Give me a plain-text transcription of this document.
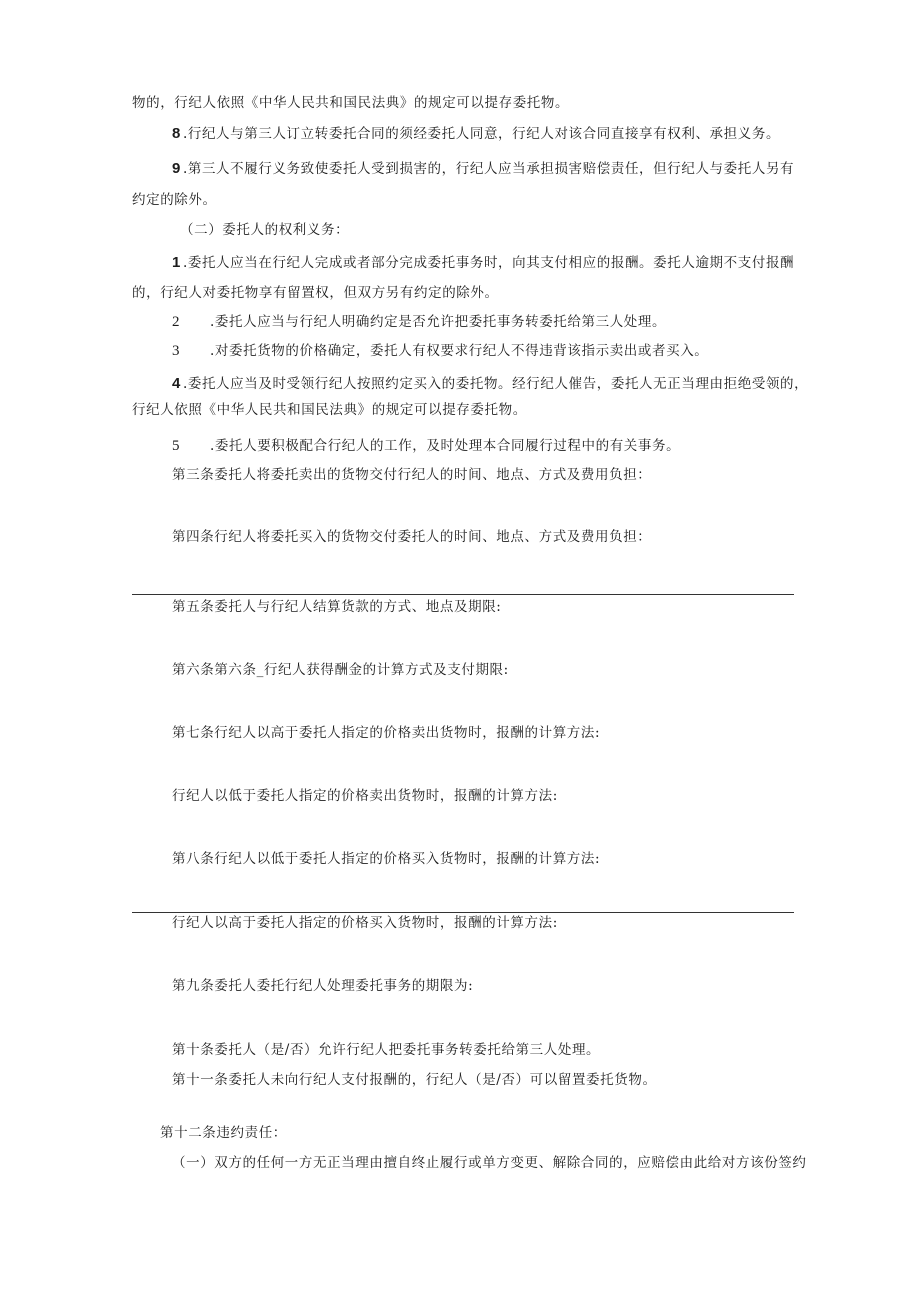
物的，行纪人依照《中华人民共和国民法典》的规定可以提存委托物。
8 .行纪人与第三人订立转委托合同的须经委托人同意，行纪人对该合同直接享有权利、承担义务。
9 .第三人不履行义务致使委托人受到损害的，行纪人应当承担损害赔偿责任，但行纪人与委托人另有
约定的除外。
（二）委托人的权利义务：
1 .委托人应当在行纪人完成或者部分完成委托事务时，向其支付相应的报酬。委托人逾期不支付报酬
的，行纪人对委托物享有留置权，但双方另有约定的除外。
2 .委托人应当与行纪人明确约定是否允许把委托事务转委托给第三人处理。
3 .对委托货物的价格确定，委托人有权要求行纪人不得违背该指示卖出或者买入。
4 .委托人应当及时受领行纪人按照约定买入的委托物。经行纪人催告，委托人无正当理由拒绝受领的，
行纪人依照《中华人民共和国民法典》的规定可以提存委托物。
5 .委托人要积极配合行纪人的工作，及时处理本合同履行过程中的有关事务。
第三条委托人将委托卖出的货物交付行纪人的时间、地点、方式及费用负担：
第四条行纪人将委托买入的货物交付委托人的时间、地点、方式及费用负担：
第五条委托人与行纪人结算货款的方式、地点及期限:
第六条第六条_行纪人获得酬金的计算方式及支付期限:
第七条行纪人以高于委托人指定的价格卖出货物时，报酬的计算方法:
行纪人以低于委托人指定的价格卖出货物时，报酬的计算方法:
第八条行纪人以低于委托人指定的价格买入货物时，报酬的计算方法:
行纪人以高于委托人指定的价格买入货物时，报酬的计算方法:
第九条委托人委托行纪人处理委托事务的期限为:
第十条委托人（是/否）允许行纪人把委托事务转委托给第三人处理。
第十一条委托人未向行纪人支付报酬的，行纪人（是/否）可以留置委托货物。
第十二条违约责任：
（一）双方的任何一方无正当理由擅自终止履行或单方变更、解除合同的，应赔偿由此给对方该份签约
